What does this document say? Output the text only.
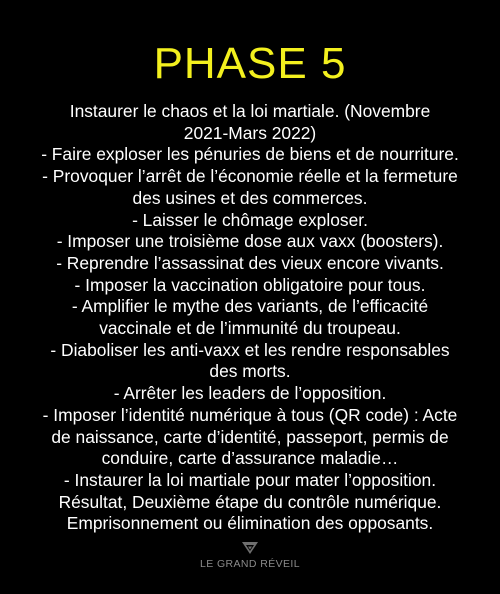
PHASE 5
Instaurer le chaos et la loi martiale. (Novembre
2021-Mars 2022)
- Faire exploser les pénuries de biens et de nourriture.
- Provoquer l’arrêt de l’économie réelle et la fermeture
des usines et des commerces.
- Laisser le chômage exploser.
- Imposer une troisième dose aux vaxx (boosters).
- Reprendre l’assassinat des vieux encore vivants.
- Imposer la vaccination obligatoire pour tous.
- Amplifier le mythe des variants, de l’efficacité
vaccinale et de l’immunité du troupeau.
- Diaboliser les anti-vaxx et les rendre responsables
des morts.
- Arrêter les leaders de l’opposition.
- Imposer l’identité numérique à tous (QR code) : Acte
de naissance, carte d’identité, passeport, permis de
conduire, carte d’assurance maladie…
- Instaurer la loi martiale pour mater l’opposition.
Résultat, Deuxième étape du contrôle numérique.
Emprisonnement ou élimination des opposants.
LE GRAND RÉVEIL
